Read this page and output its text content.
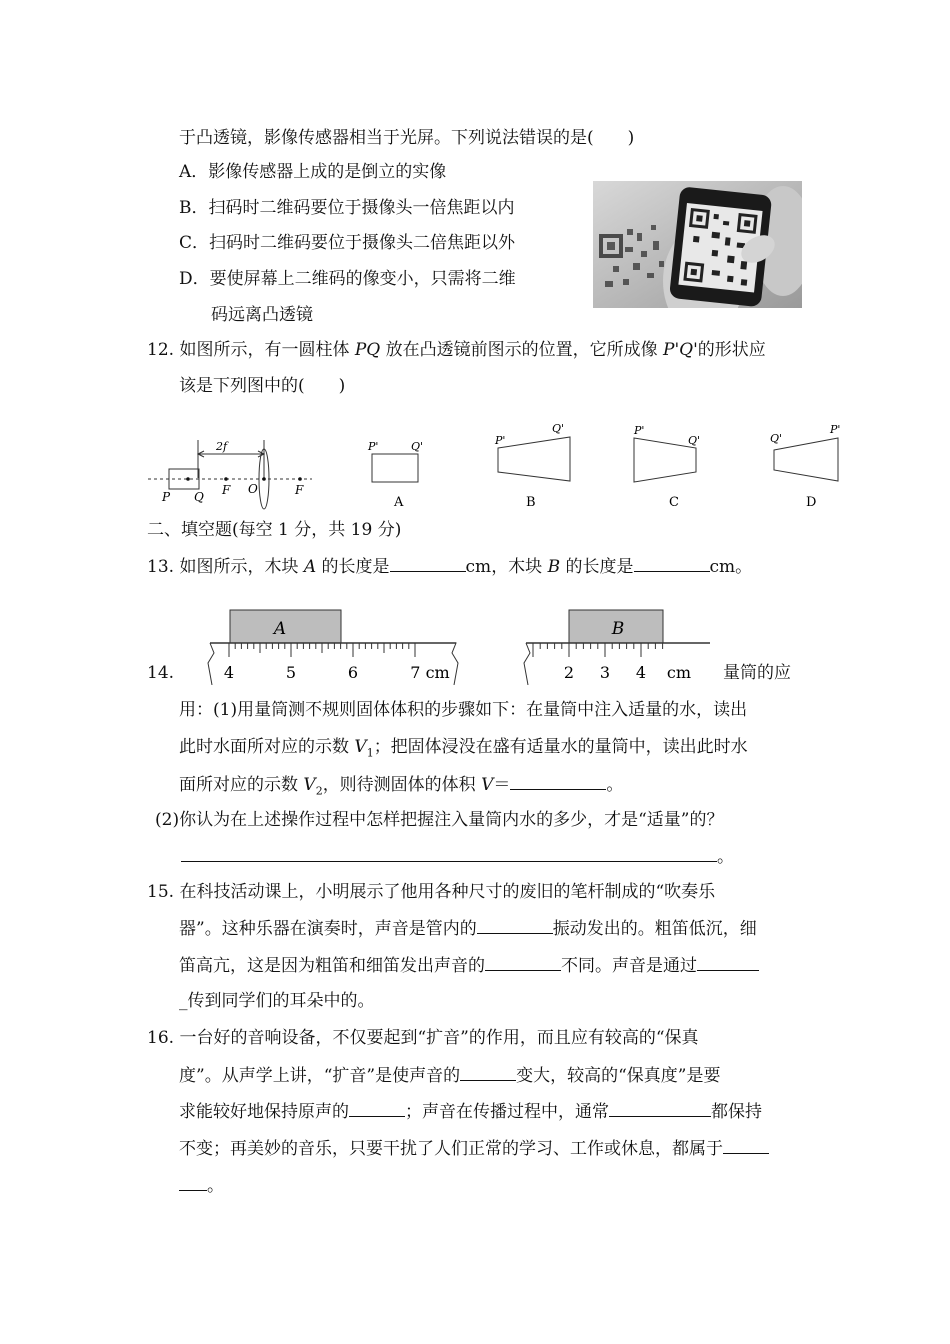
于凸透镜，影像传感器相当于光屏。下列说法错误的是(　　)
A．影像传感器上成的是倒立的实像
B．扫码时二维码要位于摄像头一倍焦距以内
C．扫码时二维码要位于摄像头二倍焦距以外
D．要使屏幕上二维码的像变小，只需将二维
码远离凸透镜
12. 如图所示，有一圆柱体 PQ 放在凸透镜前图示的位置，它所成像 P'Q'的形状应
该是下列图中的(　　)
2f
P Q F O	F
P'	Q'
A
P'
Q'
B
P'
Q'
C
Q'
P'
D
二、填空题(每空 1 分，共 19 分)
13. 如图所示，木块 A 的长度是	cm，木块 B 的长度是	cm。
A
4	5	6	7 cm
B
2 3 4 cm
14.	量筒的应
用：(1)用量筒测不规则固体体积的步骤如下：在量筒中注入适量的水，读出
此时水面所对应的示数 $V_1$；把固体浸没在盛有适量水的量筒中，读出此时水
面所对应的示数 $V_2$，则待测固体的体积 V＝	。
(2)你认为在上述操作过程中怎样把握注入量筒内水的多少，才是“适量”的？
。
15. 在科技活动课上，小明展示了他用各种尺寸的废旧的笔杆制成的“吹奏乐
器”。这种乐器在演奏时，声音是管内的	振动发出的。粗笛低沉，细
笛高亢，这是因为粗笛和细笛发出声音的	不同。声音是通过
_传到同学们的耳朵中的。
16. 一台好的音响设备，不仅要起到“扩音”的作用，而且应有较高的“保真
度”。从声学上讲，“扩音”是使声音的	变大，较高的“保真度”是要
求能较好地保持原声的	；声音在传播过程中，通常	都保持
不变；再美妙的音乐，只要干扰了人们正常的学习、工作或休息，都属于
。
